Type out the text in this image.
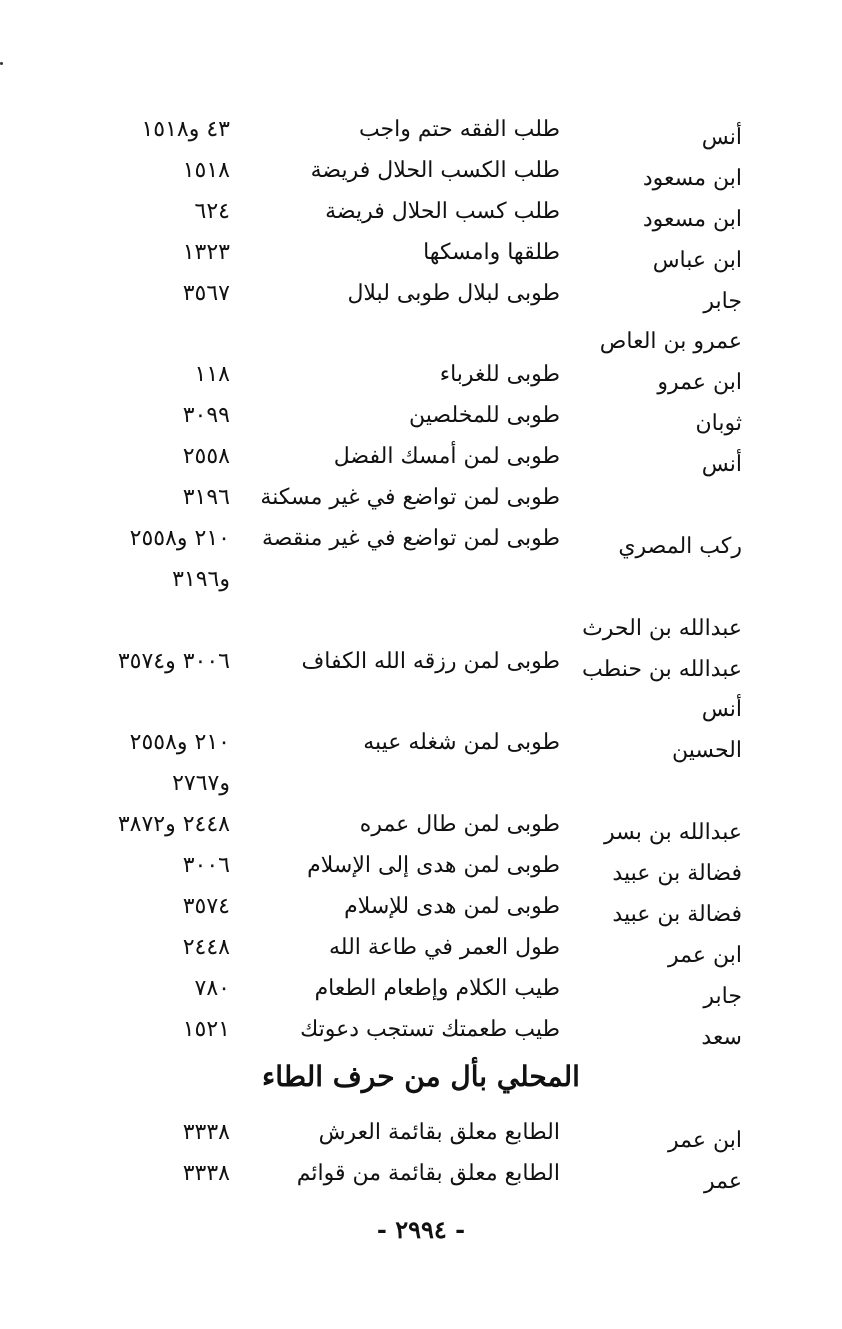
أنس
طلب الفقه حتم واجب
٤٣ و١٥١٨
ابن مسعود
طلب الكسب الحلال فريضة
١٥١٨
ابن مسعود
طلب كسب الحلال فريضة
٦٢٤
ابن عباس
طلقها وامسكها
١٣٢٣
جابر
طوبى لبلال طوبى لبلال
٣٥٦٧
عمرو بن العاص
ابن عمرو
طوبى للغرباء
١١٨
ثوبان
طوبى للمخلصين
٣٠٩٩
أنس
طوبى لمن أمسك الفضل
٢٥٥٨
طوبى لمن تواضع في غير مسكنة
٣١٩٦
ركب المصري
طوبى لمن تواضع في غير منقصة
٢١٠ و٢٥٥٨
و٣١٩٦
عبدالله بن الحرث
عبدالله بن حنطب
طوبى لمن رزقه الله الكفاف
٣٠٠٦ و٣٥٧٤
أنس
الحسين
طوبى لمن شغله عيبه
٢١٠ و٢٥٥٨
و٢٧٦٧
عبدالله بن بسر
طوبى لمن طال عمره
٢٤٤٨ و٣٨٧٢
فضالة بن عبيد
طوبى لمن هدى إلى الإسلام
٣٠٠٦
فضالة بن عبيد
طوبى لمن هدى للإسلام
٣٥٧٤
ابن عمر
طول العمر في طاعة الله
٢٤٤٨
جابر
طيب الكلام وإطعام الطعام
٧٨٠
سعد
طيب طعمتك تستجب دعوتك
١٥٢١
المحلي بأل من حرف الطاء
ابن عمر
الطابع معلق بقائمة العرش
٣٣٣٨
عمر
الطابع معلق بقائمة من قوائم
٣٣٣٨
- ٢٩٩٤ -
